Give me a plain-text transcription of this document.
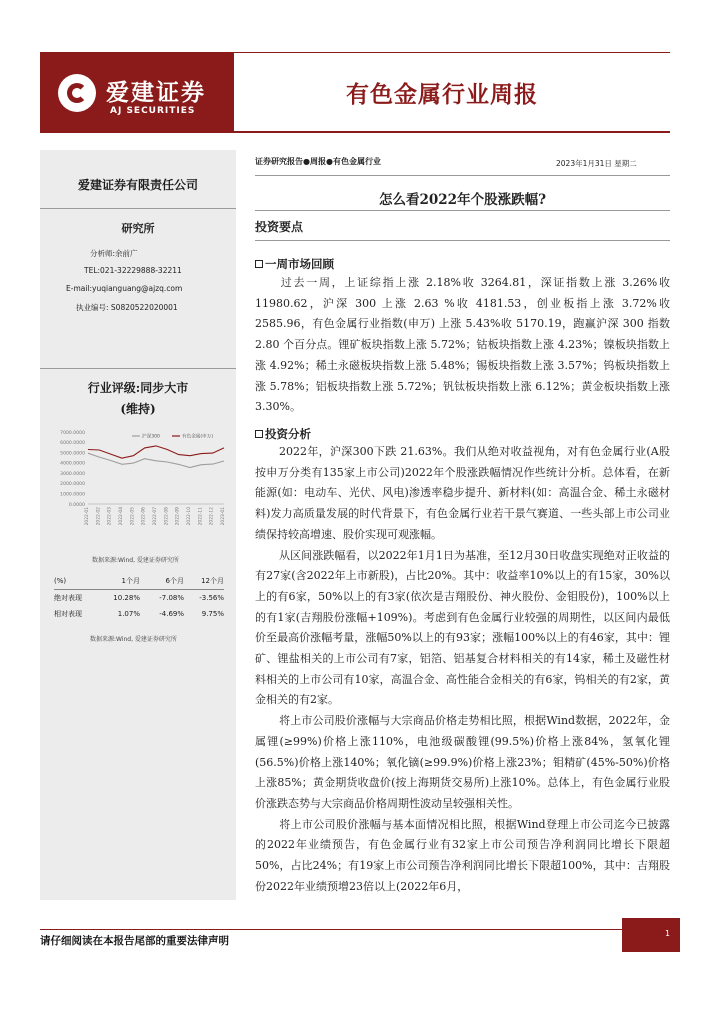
爱建证券
AJ SECURITIES
有色金属行业周报
爱建证券有限责任公司
研究所
分析师:余前广
TEL:021-32229888-32211
E-mail:yuqianguang@ajzq.com
执业编号: S0820522020001
行业评级:同步大市
(维持)
7000.0000
6000.0000
5000.0000
4000.0000
3000.0000
2000.0000
1000.0000
0.0000
2022-01 2022-02 2022-03 2022-04 2022-05 2022-06 2022-07 2022-08 2022-09 2022-10 2022-11 2022-12 2023-01
沪深300	有色金属(申万)
数据来源:Wind, 爱建证券研究所
(%)	1个月	6个月	12个月
绝对表现	10.28%	-7.08%	-3.56%
相对表现	1.07%	-4.69%	9.75%
数据来源:Wind, 爱建证券研究所
证券研究报告●周报●有色金属行业	2023年1月31日 星期二
怎么看2022年个股涨跌幅?
投资要点
一周市场回顾
过去一周，上证综指上涨 2.18%收 3264.81，深证指数上涨 3.26%收 11980.62，沪深 300 上涨 2.63 %收 4181.53，创业板指上涨 3.72%收 2585.96，有色金属行业指数(申万) 上涨 5.43%收 5170.19，跑赢沪深 300 指数 2.80 个百分点。锂矿板块指数上涨 5.72%；钴板块指数上涨 4.23%；镍板块指数上涨 4.92%；稀土永磁板块指数上涨 5.48%；锡板块指数上涨 3.57%；钨板块指数上涨 5.78%；铝板块指数上涨 5.72%；钒钛板块指数上涨 6.12%；黄金板块指数上涨 3.30%。
投资分析
2022年，沪深300下跌 21.63%。我们从绝对收益视角，对有色金属行业(A股按申万分类有135家上市公司)2022年个股涨跌幅情况作些统计分析。总体看，在新能源(如：电动车、光伏、风电)渗透率稳步提升、新材料(如：高温合金、稀土永磁材料)发力高质量发展的时代背景下，有色金属行业若干景气赛道、一些头部上市公司业绩保持较高增速、股价实现可观涨幅。
从区间涨跌幅看，以2022年1月1日为基准，至12月30日收盘实现绝对正收益的有27家(含2022年上市新股)，占比20%。其中：收益率10%以上的有15家，30%以上的有6家，50%以上的有3家(依次是吉翔股份、神火股份、金钼股份)，100%以上的有1家(吉翔股份涨幅+109%)。考虑到有色金属行业较强的周期性，以区间内最低价至最高价涨幅考量，涨幅50%以上的有93家；涨幅100%以上的有46家，其中：锂矿、锂盐相关的上市公司有7家，铝箔、铝基复合材料相关的有14家，稀土及磁性材料相关的上市公司有10家，高温合金、高性能合金相关的有6家，钨相关的有2家，黄金相关的有2家。
将上市公司股价涨幅与大宗商品价格走势相比照，根据Wind数据，2022年，金属锂(≥99%)价格上涨110%，电池级碳酸锂(99.5%)价格上涨84%，氢氧化锂(56.5%)价格上涨140%；氧化镝(≥99.9%)价格上涨23%；钼精矿(45%-50%)价格上涨85%；黄金期货收盘价(按上海期货交易所)上涨10%。总体上，有色金属行业股价涨跌态势与大宗商品价格周期性波动呈较强相关性。
将上市公司股价涨幅与基本面情况相比照，根据Wind登理上市公司迄今已披露的2022年业绩预告，有色金属行业有32家上市公司预告净利润同比增长下限超50%，占比24%；有19家上市公司预告净利润同比增长下限超100%，其中：吉翔股份2022年业绩预增23倍以上(2022年6月，
请仔细阅读在本报告尾部的重要法律声明
1
